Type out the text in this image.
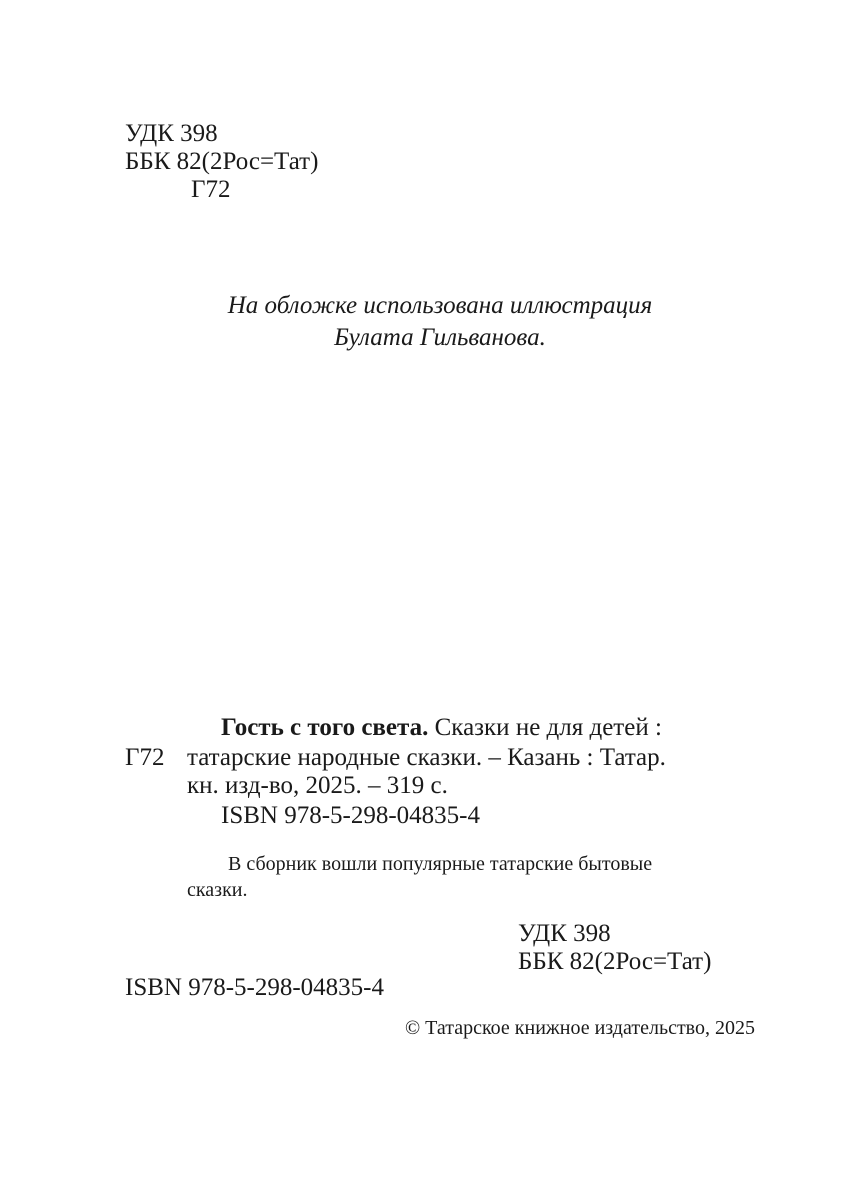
УДК 398
ББК 82(2Рос=Тат)
Г72
На обложке использована иллюстрация
Булата Гильванова.
Гость с того света. Сказки не для детей :
Г72 татарские народные сказки. – Казань : Татар.
кн. изд-во, 2025. – 319 с.
ISBN 978-5-298-04835-4
В сборник вошли популярные татарские бытовые
сказки.
УДК 398
ББК 82(2Рос=Тат)
ISBN 978-5-298-04835-4
© Татарское книжное издательство, 2025
